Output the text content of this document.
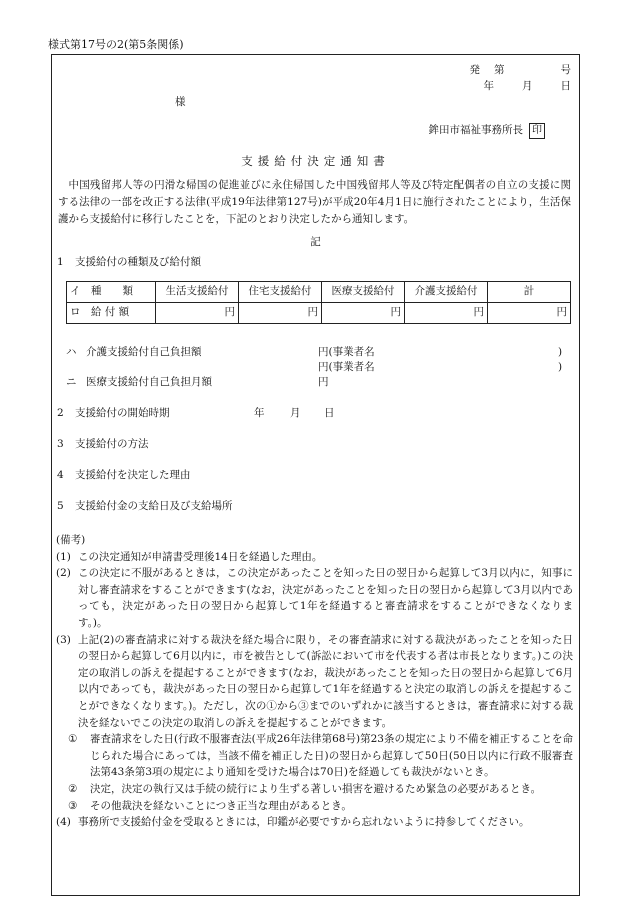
様式第17号の2(第5条関係)
発 第	号
年	月	日
様
鉾田市福祉事務所長 印
支援給付決定通知書
中国残留邦人等の円滑な帰国の促進並びに永住帰国した中国残留邦人等及び特定配偶者の自立の支援に関する法律の一部を改正する法律(平成19年法律第127号)が平成20年4月1日に施行されたことにより，生活保護から支援給付に移行したことを，下記のとおり決定したから通知します。
記
1 支援給付の種類及び給付額
イ　種　　類	生活支援給付	住宅支援給付	医療支援給付	介護支援給付	計
ロ　給 付 額	円	円	円	円	円
ハ 介護支援給付自己負担額	円(事業者名	)
円(事業者名	)
ニ 医療支援給付自己負担月額	円
2 支援給付の開始時期	年 月 日
3 支援給付の方法
4 支援給付を決定した理由
5 支援給付金の支給日及び支給場所
(備考)
(1) この決定通知が申請書受理後14日を経過した理由。
(2) この決定に不服があるときは，この決定があったことを知った日の翌日から起算して3月以内に，知事に対し審査請求をすることができます(なお，決定があったことを知った日の翌日から起算して3月以内であっても，決定があった日の翌日から起算して1年を経過すると審査請求をすることができなくなります。)。
(3) 上記(2)の審査請求に対する裁決を経た場合に限り，その審査請求に対する裁決があったことを知った日の翌日から起算して6月以内に，市を被告として(訴訟において市を代表する者は市長となります。)この決定の取消しの訴えを提起することができます(なお，裁決があったことを知った日の翌日から起算して6月以内であっても，裁決があった日の翌日から起算して1年を経過すると決定の取消しの訴えを提起することができなくなります。)。ただし，次の①から③までのいずれかに該当するときは，審査請求に対する裁決を経ないでこの決定の取消しの訴えを提起することができます。
①	審査請求をした日(行政不服審査法(平成26年法律第68号)第23条の規定により不備を補正することを命じられた場合にあっては，当該不備を補正した日)の翌日から起算して50日(50日以内に行政不服審査法第43条第3項の規定により通知を受けた場合は70日)を経過しても裁決がないとき。
②	決定，決定の執行又は手続の続行により生ずる著しい損害を避けるため緊急の必要があるとき。
③	その他裁決を経ないことにつき正当な理由があるとき。
(4) 事務所で支援給付金を受取るときには，印鑑が必要ですから忘れないように持参してください。
